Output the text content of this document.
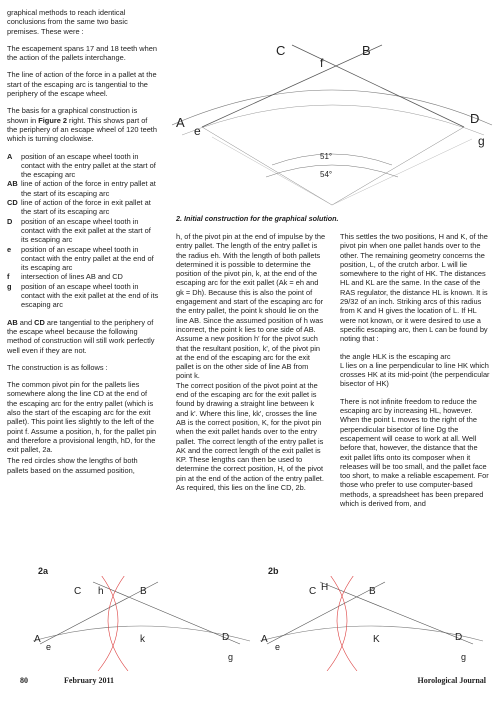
graphical methods to reach identical conclusions from the same two basic premises. These were :

The escapement spans 17 and 18 teeth when the action of the pallets interchange.

The line of action of the force in a pallet at the start of the escaping arc is tangential to the periphery of the escape wheel.

The basis for a graphical construction is shown in Figure 2 right. This shows part of the periphery of an escape wheel of 120 teeth which is turning clockwise.

A	position of an escape wheel tooth in contact with the entry pallet at the start of the escaping arc
AB line of action of the force in entry pallet at the start of its escaping arc
CD line of action of the force in exit pallet at the start of its escaping arc
D	position of an escape wheel tooth in contact with the exit pallet at the start of its escaping arc
e	position of an escape wheel tooth in contact with the entry pallet at the end of its escaping arc
f	intersection of lines AB and CD
g	position of an escape wheel tooth in contact with the exit pallet at the end of its escaping arc

AB and CD are tangential to the periphery of the escape wheel because the following method of construction will still work perfectly well even if they are not.

The construction is as follows :

The common pivot pin for the pallets lies somewhere along the line CD at the end of the escaping arc for the entry pallet (which is also the start of the escaping arc for the exit pallet). This point lies slightly to the left of the point f. Assume a position, h, for the pallet pin and therefore a provisional length, hD, for the exit pallet, 2a.

The red circles show the lengths of both pallets based on the assumed position,

C	B
f
A
e
D
g
51°
54°
2. Initial construction for the graphical solution.

h, of the pivot pin at the end of impulse by the entry pallet. The length of the entry pallet is the radius eh. With the length of both pallets determined it is possible to determine the position of the pivot pin, k, at the end of the escaping arc for the exit pallet (Ak = eh and gk = Dh). Because this is also the point of engagement and start of the escaping arc for the entry pallet, the point k should lie on the line AB. Since the assumed position of h was incorrect, the point k lies to one side of AB. Assume a new position h' for the pivot such that the resultant position, k', of the pivot pin at the end of the escaping arc for the exit pallet is on the other side of line AB from point k.

The correct position of the pivot point at the end of the escaping arc for the exit pallet is found by drawing a straight line between k and k'. Where this line, kk', crosses the line AB is the correct position, K, for the pivot pin when the exit pallet hands over to the entry pallet. The correct length of the entry pallet is AK and the correct length of the exit pallet is KP. These lengths can then be used to determine the correct position, H, of the pivot pin at the end of the action of the entry pallet. As required, this lies on the line CD, 2b.

This settles the two positions, H and K, of the pivot pin when one pallet hands over to the other. The remaining geometry concerns the position, L, of the crutch arbor. L will lie somewhere to the right of HK. The distances HL and KL are the same. In the case of the RAS regulator, the distance HL is known. It is 29/32 of an inch. Striking arcs of this radius from K and H gives the location of L. If HL were not known, or it were desired to use a specific escaping arc, then L can be found by noting that :

the angle HLK is the escaping arc

L lies on a line perpendicular to line HK which crosses HK at its mid-point (the perpendicular bisector of HK)

There is not infinite freedom to reduce the escaping arc by increasing HL, however. When the point L moves to the right of the perpendicular bisector of line Dg the escapement will cease to work at all. Well before that, however, the distance that the exit pallet lifts onto its composer when it releases will be too small, and the pallet face too short, to make a reliable escapement. For those who prefer to use computer-based methods, a spreadsheet has been prepared which is derived from, and

2a
C h	B
A
e
k	D
g
2b
C H	B
A
e
K	D
g
80	February 2011	Horological Journal
